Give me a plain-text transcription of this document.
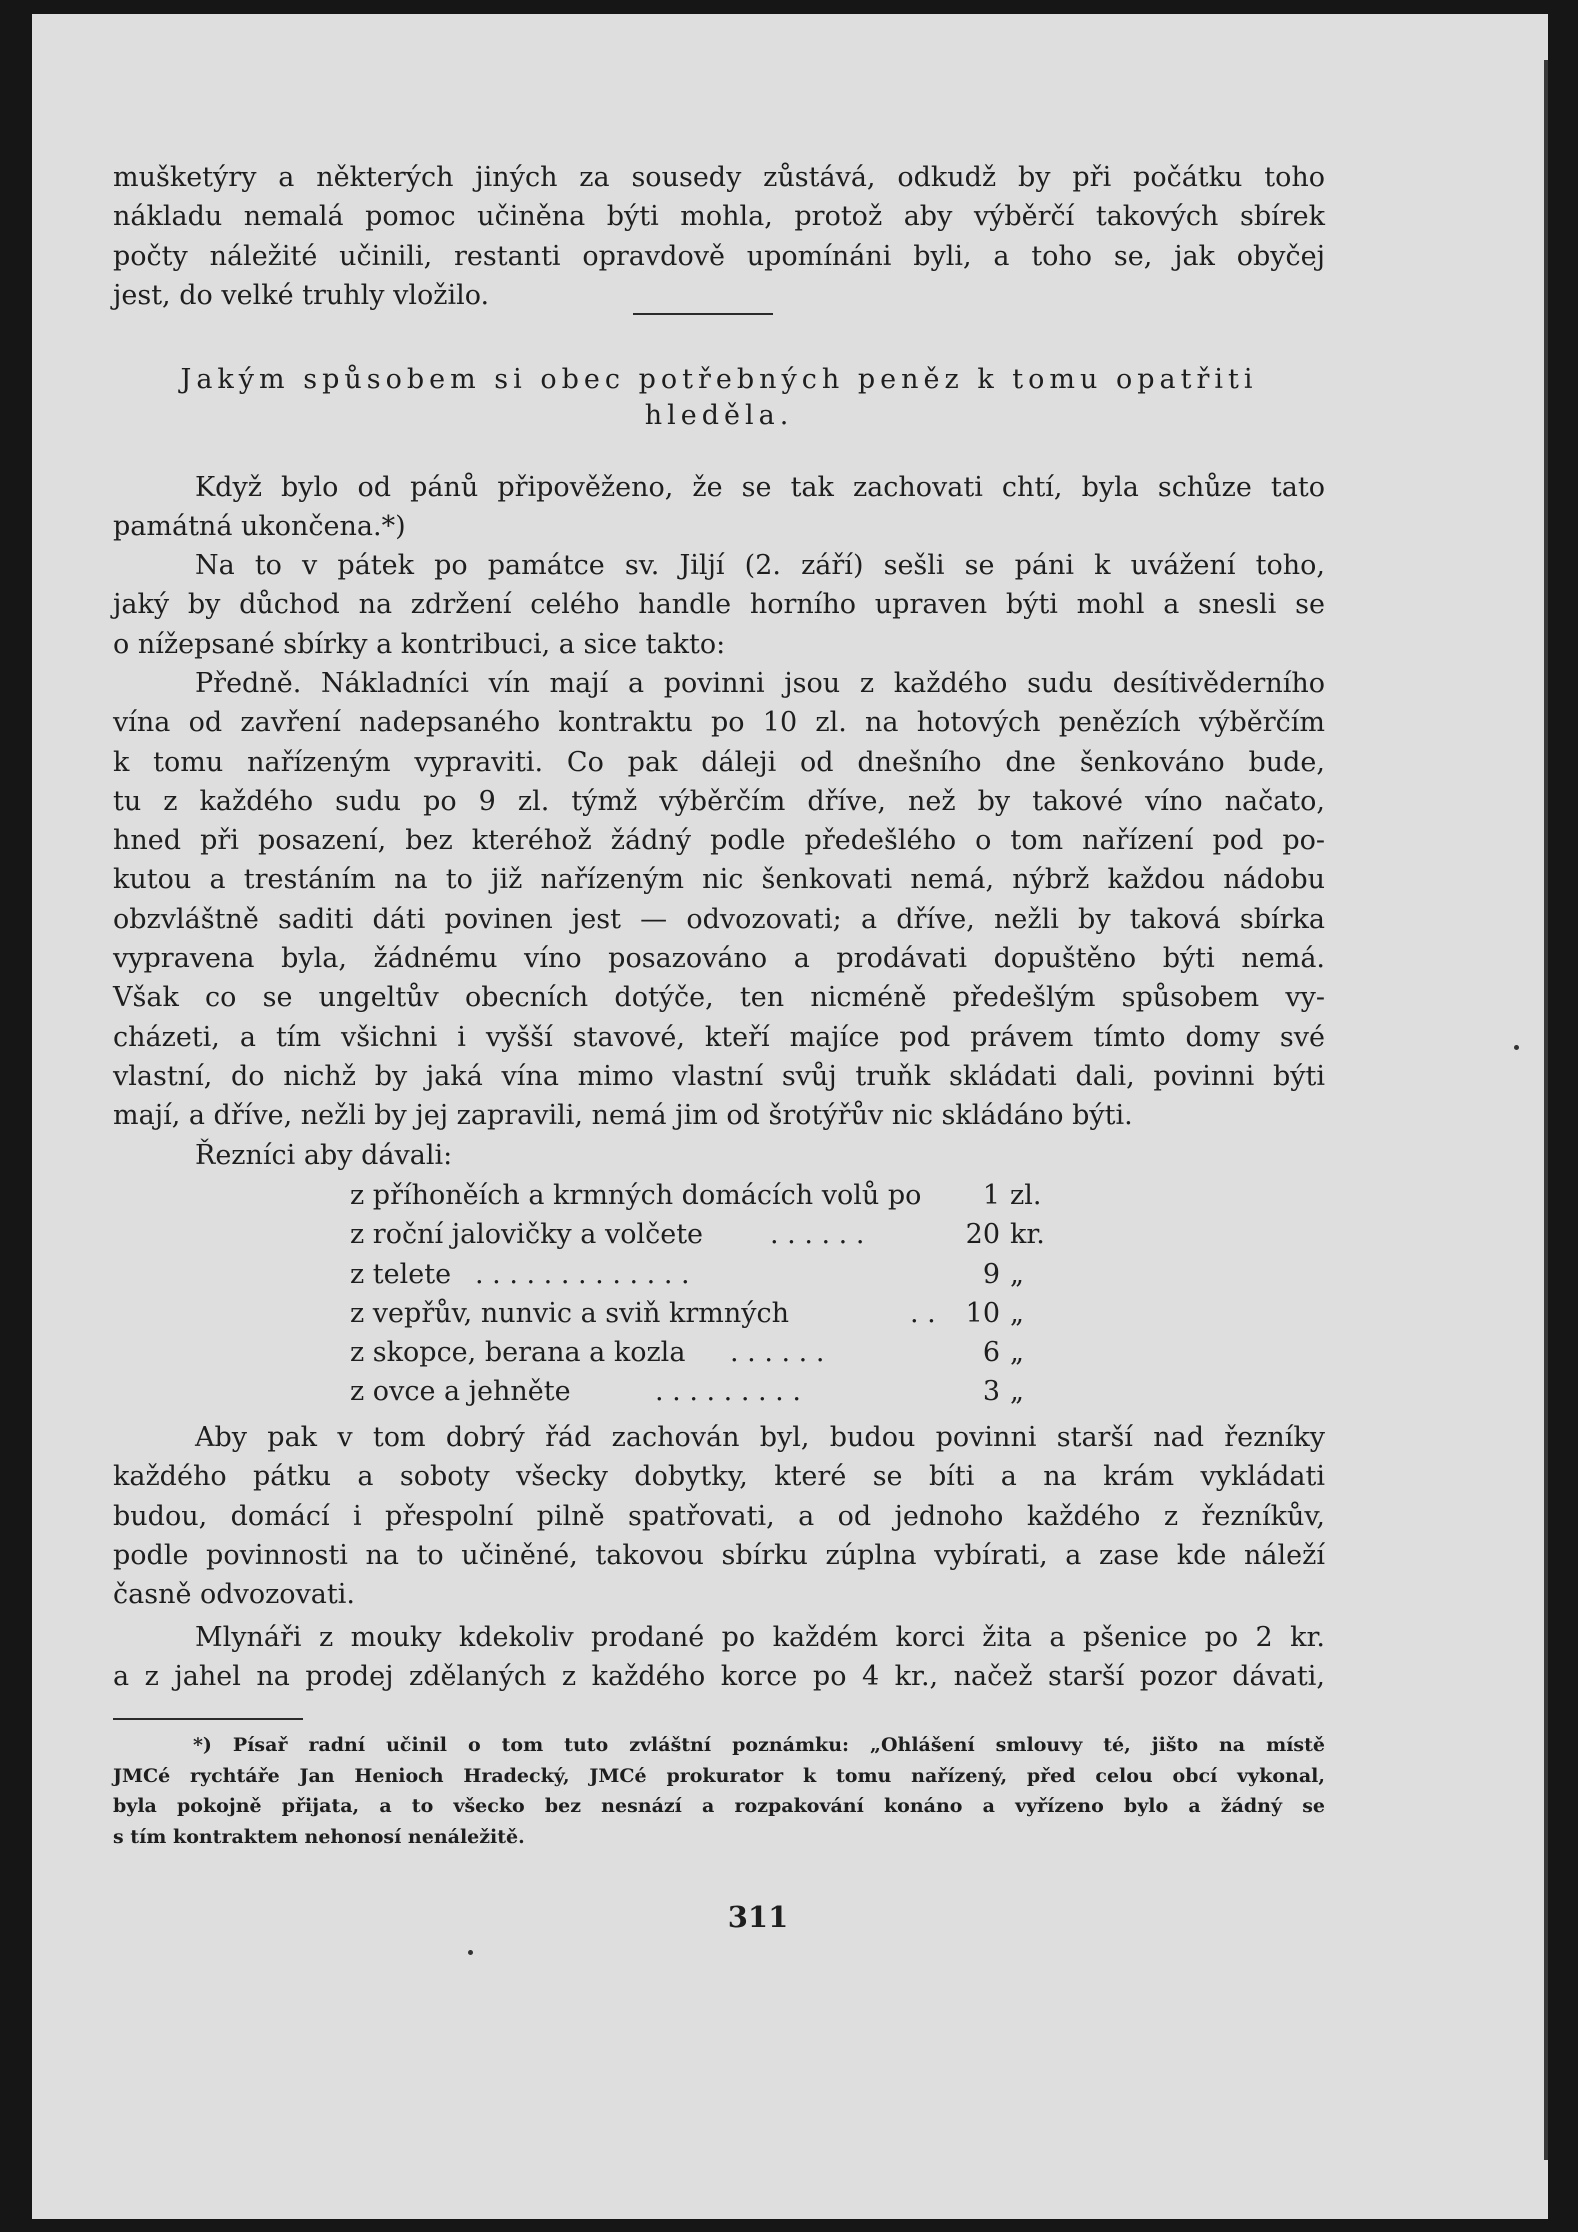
mušketýry a některých jiných za sousedy zůstává, odkudž by při počátku toho
nákladu nemalá pomoc učiněna býti mohla, protož aby výběrčí takových sbírek
počty náležité učinili, restanti opravdově upomínáni byli, a toho se, jak obyčej
jest, do velké truhly vložilo.
Jakým spůsobem si obec potřebných peněz k tomu opatřiti
hleděla.
Když bylo od pánů připověženo, že se tak zachovati chtí, byla schůze tato
památná ukončena.*)
Na to v pátek po památce sv. Jiljí (2. září) sešli se páni k uvážení toho,
jaký by důchod na zdržení celého handle horního upraven býti mohl a snesli se
o nížepsané sbírky a kontribuci, a sice takto:
Předně. Nákladníci vín mají a povinni jsou z každého sudu desítivěderního
vína od zavření nadepsaného kontraktu po 10 zl. na hotových penězích výběrčím
k tomu nařízeným vypraviti. Co pak dáleji od dnešního dne šenkováno bude,
tu z každého sudu po 9 zl. týmž výběrčím dříve, než by takové víno načato,
hned při posazení, bez kteréhož žádný podle předešlého o tom nařízení pod po-
kutou a trestáním na to již nařízeným nic šenkovati nemá, nýbrž každou nádobu
obzvláštně saditi dáti povinen jest — odvozovati; a dříve, nežli by taková sbírka
vypravena byla, žádnému víno posazováno a prodávati dopuštěno býti nemá.
Však co se ungeltův obecních dotýče, ten nicméně předešlým spůsobem vy-
cházeti, a tím všichni i vyšší stavové, kteří majíce pod právem tímto domy své
vlastní, do nichž by jaká vína mimo vlastní svůj truňk skládati dali, povinni býti
mají, a dříve, nežli by jej zapravili, nemá jim od šrotýřův nic skládáno býti.
Řezníci aby dávali:
z příhoněích a krmných domácích volů po 1 zl.
z roční jalovičky a volčete . . . . . .	20 kr.
z telete . . . . . . . . . . . . .	9 „
z vepřův, nunvic a sviň krmných	. . 10 „
z skopce, berana a kozla . . . . . .	6 „
z ovce a jehněte	. . . . . . . . .	3 „
Aby pak v tom dobrý řád zachován byl, budou povinni starší nad řezníky
každého pátku a soboty všecky dobytky, které se bíti a na krám vykládati
budou, domácí i přespolní pilně spatřovati, a od jednoho každého z řezníkův,
podle povinnosti na to učiněné, takovou sbírku zúplna vybírati, a zase kde náleží
časně odvozovati.
Mlynáři z mouky kdekoliv prodané po každém korci žita a pšenice po 2 kr.
a z jahel na prodej zdělaných z každého korce po 4 kr., načež starší pozor dávati,
*) Písař radní učinil o tom tuto zvláštní poznámku: „Ohlášení smlouvy té, jišto na místě
JMCé rychtáře Jan Henioch Hradecký, JMCé prokurator k tomu nařízený, před celou obcí vykonal,
byla pokojně přijata, a to všecko bez nesnází a rozpakování konáno a vyřízeno bylo a žádný se
s tím kontraktem nehonosí nenáležitě.
311
